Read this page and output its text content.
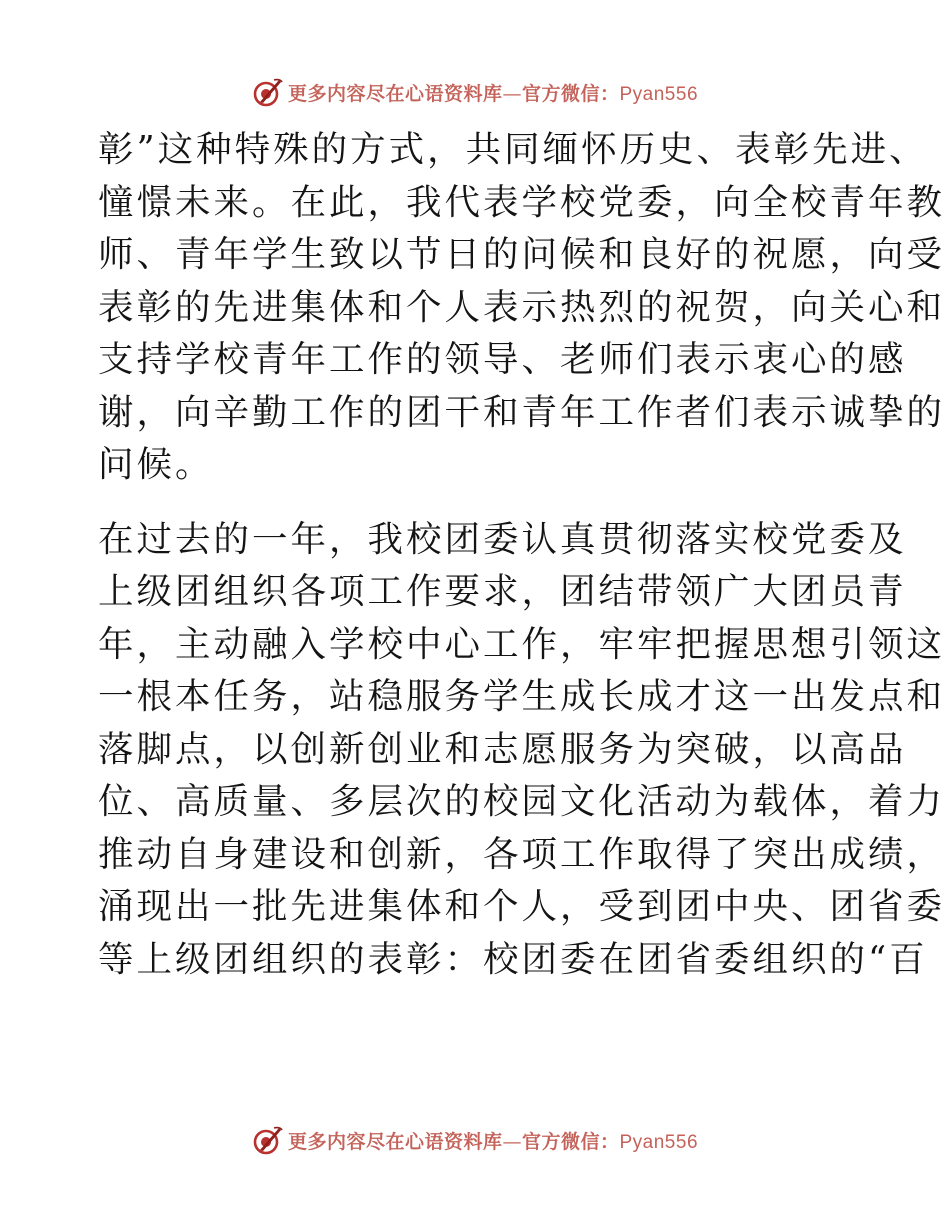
更多内容尽在心语资料库—官方微信：Pyan556
彰”这种特殊的方式，共同缅怀历史、表彰先进、
憧憬未来。在此，我代表学校党委，向全校青年教
师、青年学生致以节日的问候和良好的祝愿，向受
表彰的先进集体和个人表示热烈的祝贺，向关心和
支持学校青年工作的领导、老师们表示衷心的感
谢，向辛勤工作的团干和青年工作者们表示诚挚的
问候。
在过去的一年，我校团委认真贯彻落实校党委及
上级团组织各项工作要求，团结带领广大团员青
年，主动融入学校中心工作，牢牢把握思想引领这
一根本任务，站稳服务学生成长成才这一出发点和
落脚点，以创新创业和志愿服务为突破，以高品
位、高质量、多层次的校园文化活动为载体，着力
推动自身建设和创新，各项工作取得了突出成绩，
涌现出一批先进集体和个人，受到团中央、团省委
等上级团组织的表彰：校团委在团省委组织的“百
更多内容尽在心语资料库—官方微信：Pyan556
